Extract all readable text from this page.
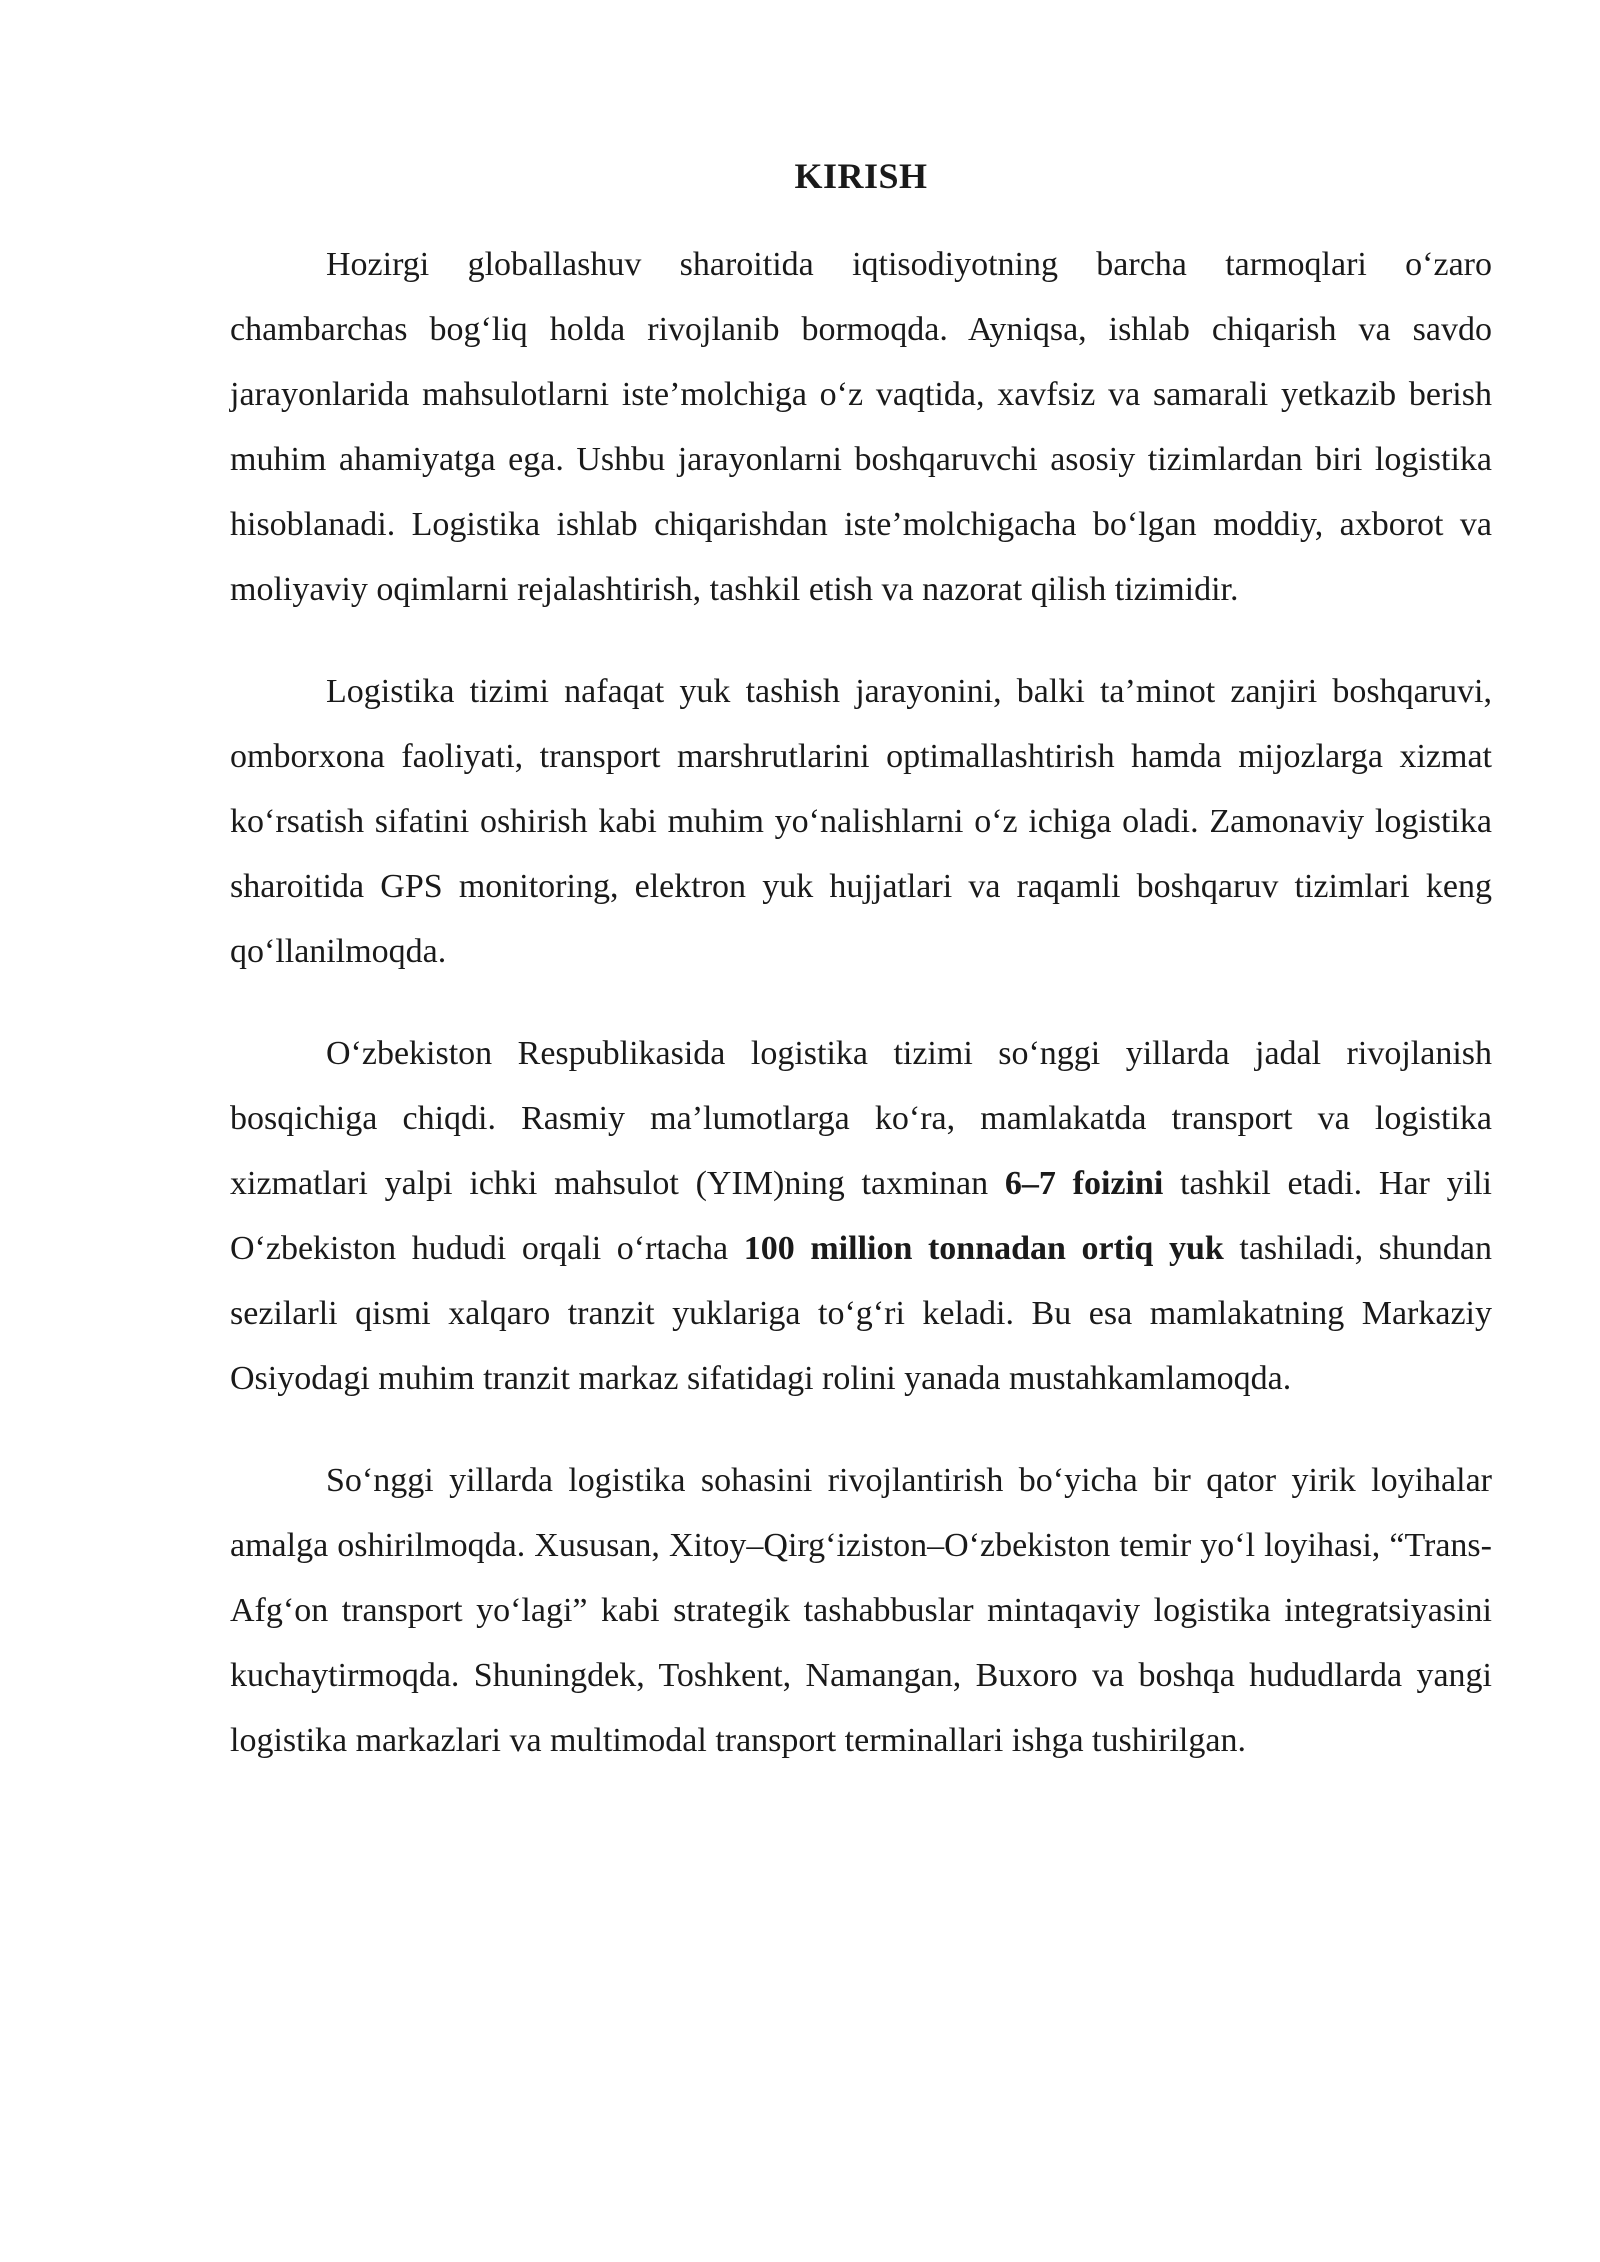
KIRISH

Hozirgi globallashuv sharoitida iqtisodiyotning barcha tarmoqlari o‘zaro chambarchas bog‘liq holda rivojlanib bormoqda. Ayniqsa, ishlab chiqarish va savdo jarayonlarida mahsulotlarni iste’molchiga o‘z vaqtida, xavfsiz va samarali yetkazib berish muhim ahamiyatga ega. Ushbu jarayonlarni boshqaruvchi asosiy tizimlardan biri logistika hisoblanadi. Logistika ishlab chiqarishdan iste’molchigacha bo‘lgan moddiy, axborot va moliyaviy oqimlarni rejalashtirish, tashkil etish va nazorat qilish tizimidir.

Logistika tizimi nafaqat yuk tashish jarayonini, balki ta’minot zanjiri boshqaruvi, omborxona faoliyati, transport marshrutlarini optimallashtirish hamda mijozlarga xizmat ko‘rsatish sifatini oshirish kabi muhim yo‘nalishlarni o‘z ichiga oladi. Zamonaviy logistika sharoitida GPS monitoring, elektron yuk hujjatlari va raqamli boshqaruv tizimlari keng qo‘llanilmoqda.

O‘zbekiston Respublikasida logistika tizimi so‘nggi yillarda jadal rivojlanish bosqichiga chiqdi. Rasmiy ma’lumotlarga ko‘ra, mamlakatda transport va logistika xizmatlari yalpi ichki mahsulot (YIM)ning taxminan 6–7 foizini tashkil etadi. Har yili O‘zbekiston hududi orqali o‘rtacha 100 million tonnadan ortiq yuk tashiladi, shundan sezilarli qismi xalqaro tranzit yuklariga to‘g‘ri keladi. Bu esa mamlakatning Markaziy Osiyodagi muhim tranzit markaz sifatidagi rolini yanada mustahkamlamoqda.

So‘nggi yillarda logistika sohasini rivojlantirish bo‘yicha bir qator yirik loyihalar amalga oshirilmoqda. Xususan, Xitoy–Qirg‘iziston–O‘zbekiston temir yo‘l loyihasi, “Trans-Afg‘on transport yo‘lagi” kabi strategik tashabbuslar mintaqaviy logistika integratsiyasini kuchaytirmoqda. Shuningdek, Toshkent, Namangan, Buxoro va boshqa hududlarda yangi logistika markazlari va multimodal transport terminallari ishga tushirilgan.
